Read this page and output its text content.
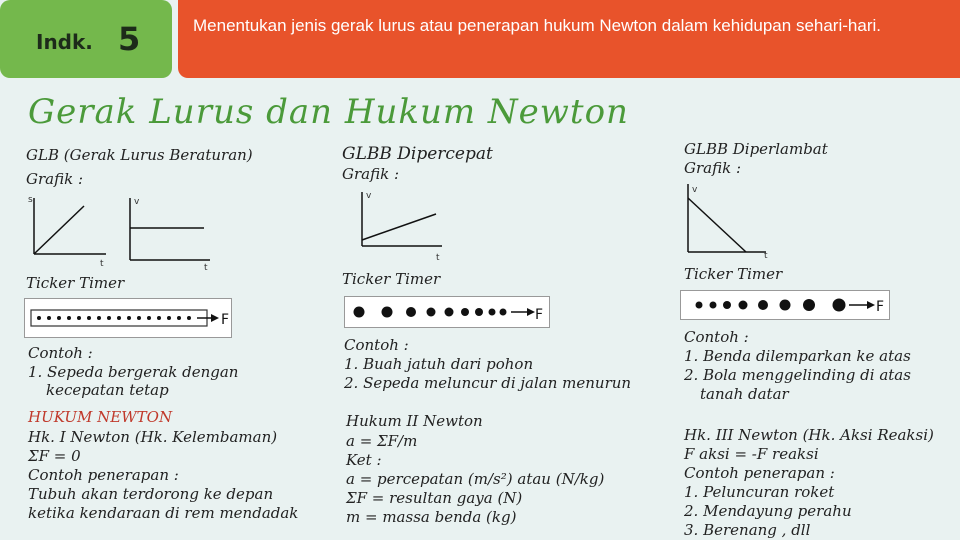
Indk. 5	Menentukan jenis gerak lurus atau penerapan hukum Newton dalam kehidupan sehari-hari.
Gerak Lurus dan Hukum Newton
GLB (Gerak Lurus Beraturan)
Grafik :
s
t
v
t
Ticker Timer
F
Contoh :
1. Sepeda bergerak dengan
kecepatan tetap
HUKUM NEWTON
Hk. I Newton (Hk. Kelembaman)
ΣF = 0
Contoh penerapan :
Tubuh akan terdorong ke depan
ketika kendaraan di rem mendadak
GLBB Dipercepat
Grafik :
v
t
Ticker Timer
F
Contoh :
1. Buah jatuh dari pohon
2. Sepeda meluncur di jalan menurun
Hukum II Newton
a = ΣF/m
Ket :
a = percepatan (m/s²) atau (N/kg)
ΣF = resultan gaya (N)
m = massa benda (kg)
GLBB Diperlambat
Grafik :
v
t
Ticker Timer
F
Contoh :
1. Benda dilemparkan ke atas
2. Bola menggelinding di atas
tanah datar
Hk. III Newton (Hk. Aksi Reaksi)
F aksi = -F reaksi
Contoh penerapan :
1. Peluncuran roket
2. Mendayung perahu
3. Berenang , dll
